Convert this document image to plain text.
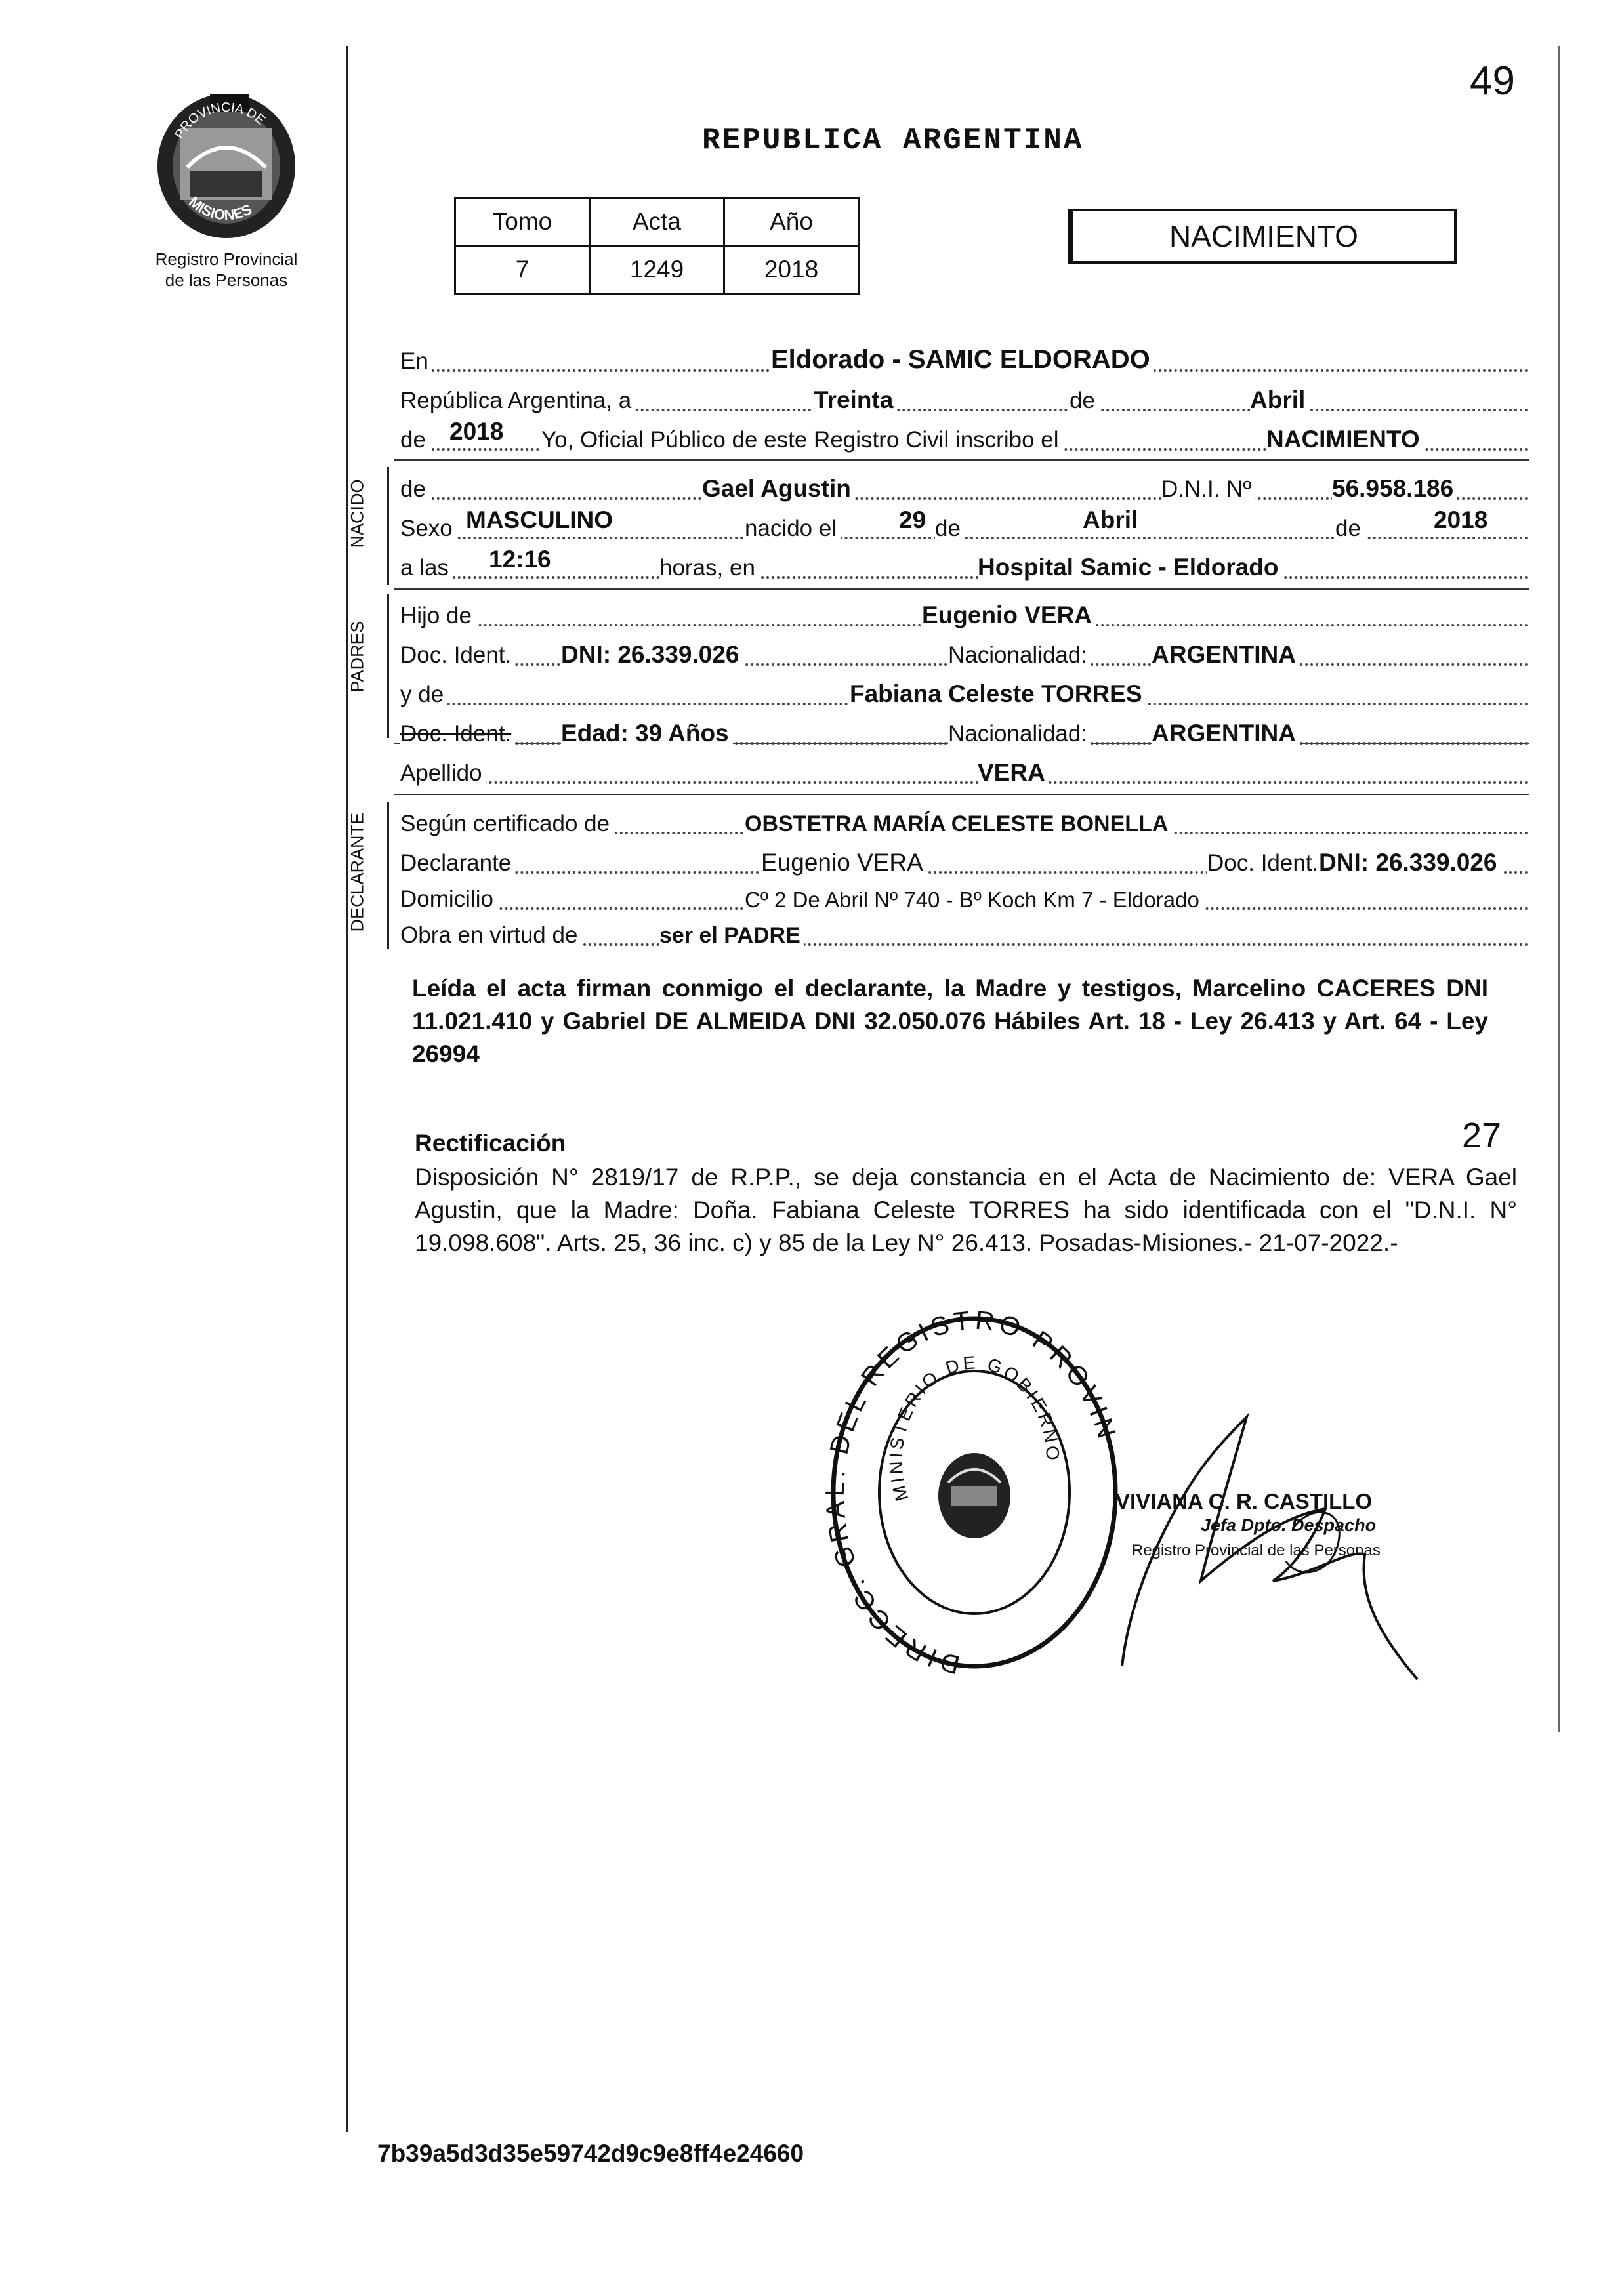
49
PROVINCIA DE
MISIONES
Registro Provincial
de las Personas
REPUBLICA ARGENTINA
Tomo	Acta	Año
7	1249	2018
NACIMIENTO
En	Eldorado - SAMIC ELDORADO
República Argentina, a	Treinta	de	Abril
de 2018 Yo, Oficial Público de este Registro Civil inscribo el	NACIMIENTO
NACIDO
PADRES
DECLARANTE
de	Gael Agustin	D.N.I. Nº	56.958.186
Sexo MASCULINO	nacido el	29 de	Abril	de	2018
a las 12:16	horas, en	Hospital Samic - Eldorado
Hijo de	Eugenio VERA
Doc. Ident. DNI: 26.339.026	Nacionalidad:	ARGENTINA
y de	Fabiana Celeste TORRES
Doc. Ident. Edad: 39 Años	Nacionalidad:	ARGENTINA
Apellido	VERA
Según certificado de	OBSTETRA MARÍA CELESTE BONELLA
Declarante	Eugenio VERA	Doc. Ident. DNI: 26.339.026
Domicilio	Cº 2 De Abril Nº 740 - Bº Koch Km 7 - Eldorado
Obra en virtud de	ser el PADRE
Leída el acta firman conmigo el declarante, la Madre y testigos, Marcelino CACERES DNI 11.021.410 y Gabriel DE ALMEIDA DNI 32.050.076 Hábiles Art. 18 - Ley 26.413 y Art. 64 - Ley 26994
Rectificación	27
Disposición N° 2819/17 de R.P.P., se deja constancia en el Acta de Nacimiento de: VERA Gael Agustin, que la Madre: Doña. Fabiana Celeste TORRES ha sido identificada con el "D.N.I. N° 19.098.608". Arts. 25, 36 inc. c) y 85 de la Ley N° 26.413. Posadas-Misiones.- 21-07-2022.-
DIRECC. GRAL. DEL REGISTRO PROVIN
MINISTERIO DE GOBIERNO
VIVIANA C. R. CASTILLO
Jefa Dpto. Despacho
Registro Provincial de las Personas
7b39a5d3d35e59742d9c9e8ff4e24660
